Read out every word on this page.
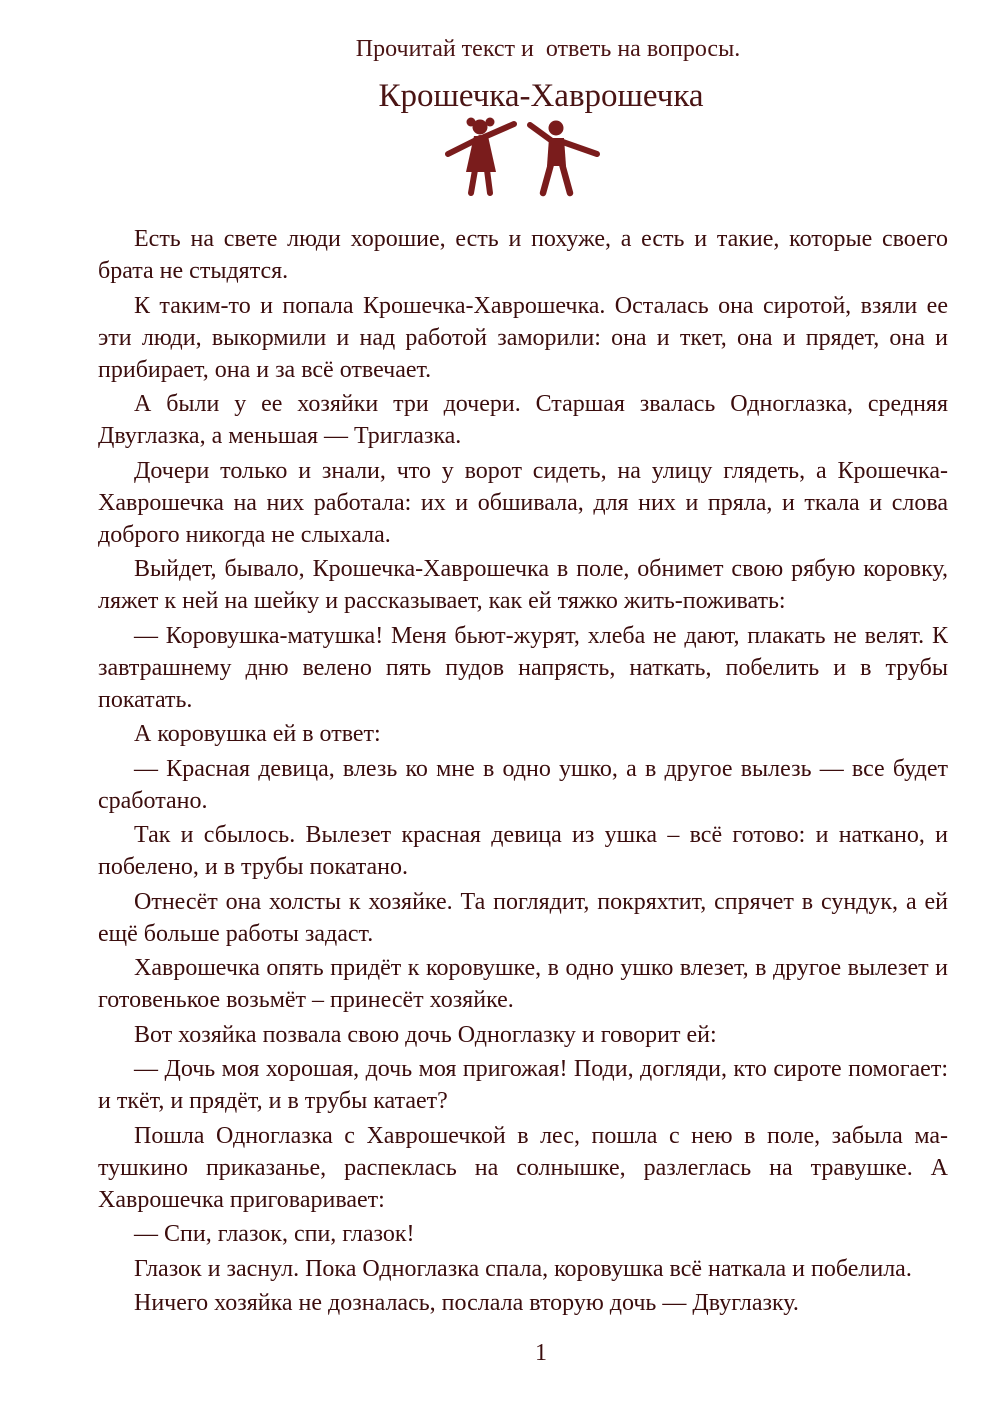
Прочитай текст и  ответь на вопросы.
Крошечка-Хаврошечка

Есть на свете люди хорошие, есть и похуже, а есть и такие, которые своего брата не стыдятся.

К таким-то и попала Крошечка-Хаврошечка. Осталась она сиротой, взяли ее эти люди, выкормили и над работой заморили: она и ткет, она и прядет, она и прибирает, она и за всё отвечает.

А были у ее хозяйки три дочери. Старшая звалась Одноглазка, средняя Двуглазка, а меньшая — Триглазка.

Дочери только и знали, что у ворот сидеть, на улицу глядеть, а Крошечка-Хаврошечка на них работала: их и обшивала, для них и пряла, и ткала и слова доброго никогда не слыхала.

Выйдет, бывало, Крошечка-Хаврошечка в поле, обнимет свою рябую коровку, ляжет к ней на шейку и рассказывает, как ей тяжко жить-поживать:

— Коровушка-матушка! Меня бьют-журят, хлеба не дают, плакать не велят. К завтрашнему дню велено пять пудов напрясть, наткать, побелить и в трубы покатать.

А коровушка ей в ответ:

— Красная девица, влезь ко мне в одно ушко, а в другое вылезь — все будет сработано.

Так и сбылось. Вылезет красная девица из ушка – всё готово: и наткано, и побелено, и в трубы покатано.

Отнесёт она холсты к хозяйке. Та поглядит, покряхтит, спрячет в сундук, а ей ещё больше работы задаст.

Хаврошечка опять придёт к коровушке, в одно ушко влезет, в другое вылезет и готовенькое возьмёт – принесёт хозяйке.

Вот хозяйка позвала свою дочь Одноглазку и говорит ей:

— Дочь моя хорошая, дочь моя пригожая! Поди, догляди, кто сироте помогает: и ткёт, и прядёт, и в трубы катает?

Пошла Одноглазка с Хаврошечкой в лес, пошла с нею в поле, забыла матушкино приказанье, распеклась на солнышке, разлеглась на травушке. А Хаврошечка приговаривает:

— Спи, глазок, спи, глазок!

Глазок и заснул. Пока Одноглазка спала, коровушка всё наткала и побелила.

Ничего хозяйка не дозналась, послала вторую дочь — Двуглазку.

1
